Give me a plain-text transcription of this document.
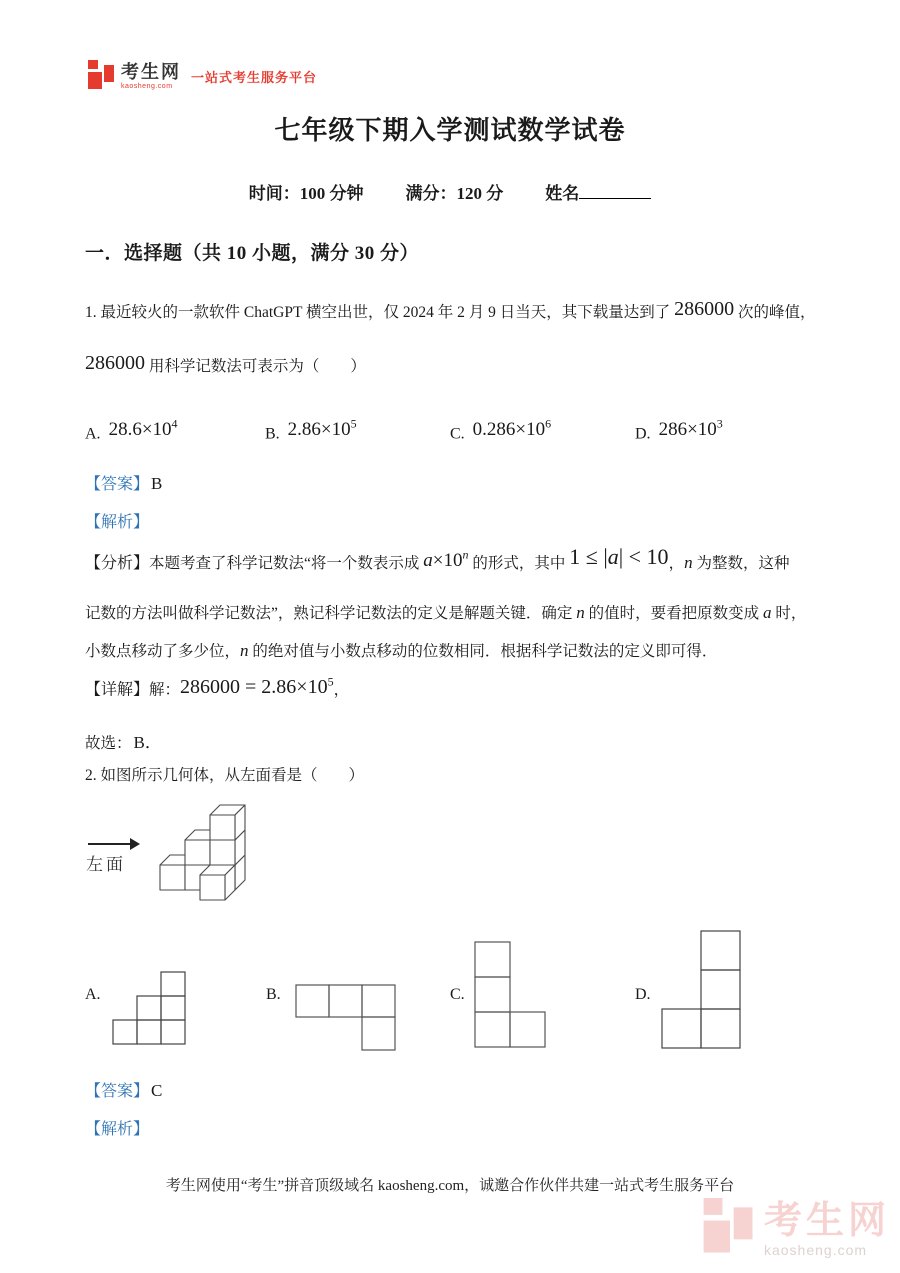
考生网
kaosheng.com
一站式考生服务平台
七年级下期入学测试数学试卷
时间：100 分钟 满分：120 分 姓名
一．选择题（共 10 小题，满分 30 分）
1. 最近较火的一款软件 ChatGPT 横空出世，仅 2024 年 2 月 9 日当天，其下载量达到了 286000 次的峰值，
286000 用科学记数法可表示为（　　）
A. $28.6\times 10^4$
B. $2.86\times 10^5$
C. $0.286\times 10^6$
D. $286\times 10^3$
【答案】 B
【解析】
【分析】本题考查了科学记数法“将一个数表示成 $a\times 10^n$ 的形式，其中 1 ≤ |a| < 10，n 为整数，这种
记数的方法叫做科学记数法”，熟记科学记数法的定义是解题关键．确定 n 的值时，要看把原数变成 a 时，
小数点移动了多少位，n 的绝对值与小数点移动的位数相同．根据科学记数法的定义即可得．
【详解】解：$286000 = 2.86\times 10^5$，
故选： B．
2. 如图所示几何体，从左面看是（　　）
左面
A.	B.	C.	D.
【答案】 C
【解析】
考生网使用“考生”拼音顶级域名 kaosheng.com，诚邀合作伙伴共建一站式考生服务平台
考生网
kaosheng.com
